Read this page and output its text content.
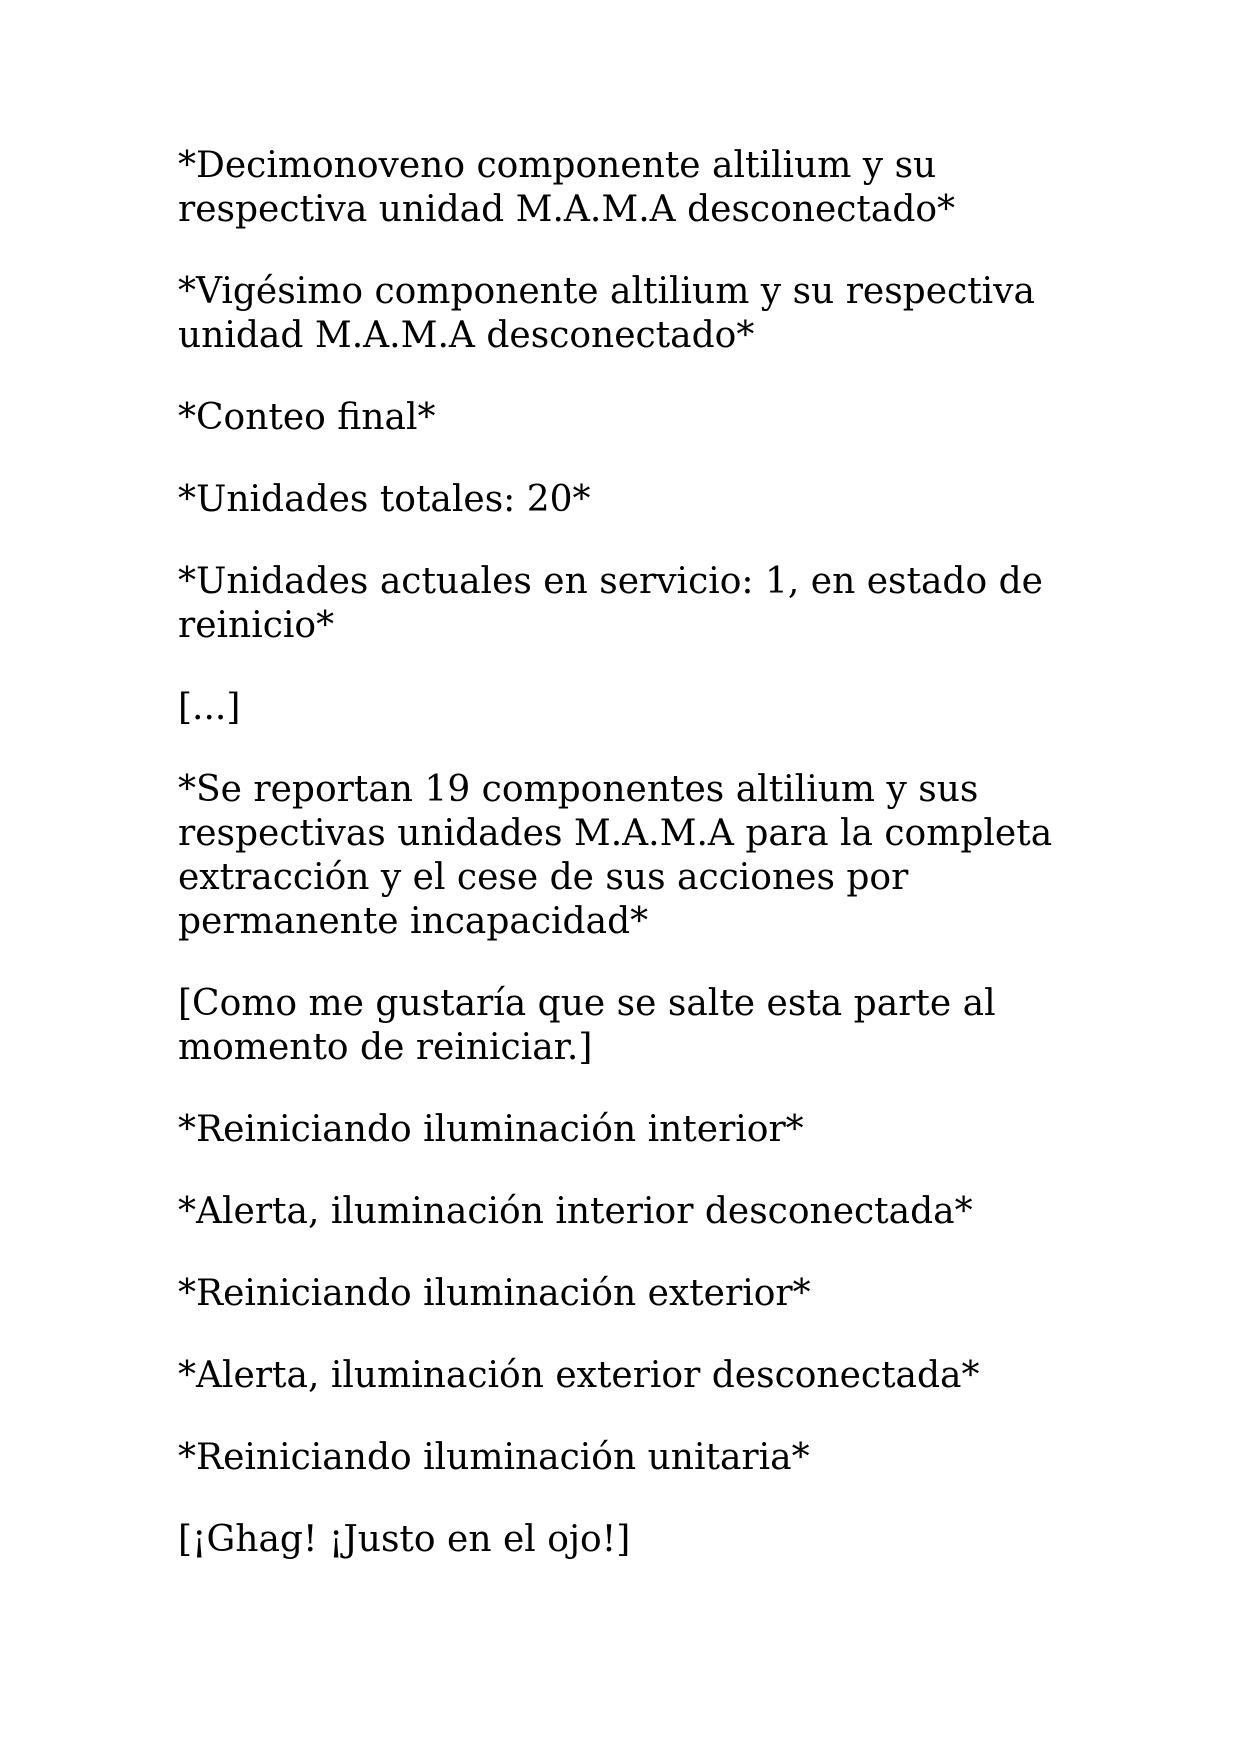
*Decimonoveno componente altilium y su respectiva unidad M.A.M.A desconectado*

*Vigésimo componente altilium y su respectiva unidad M.A.M.A desconectado*

*Conteo final*

*Unidades totales: 20*

*Unidades actuales en servicio: 1, en estado de reinicio*

[...]

*Se reportan 19 componentes altilium y sus respectivas unidades M.A.M.A para la completa extracción y el cese de sus acciones por permanente incapacidad*

[Como me gustaría que se salte esta parte al momento de reiniciar.]

*Reiniciando iluminación interior*

*Alerta, iluminación interior desconectada*

*Reiniciando iluminación exterior*

*Alerta, iluminación exterior desconectada*

*Reiniciando iluminación unitaria*

[¡Ghag! ¡Justo en el ojo!]
